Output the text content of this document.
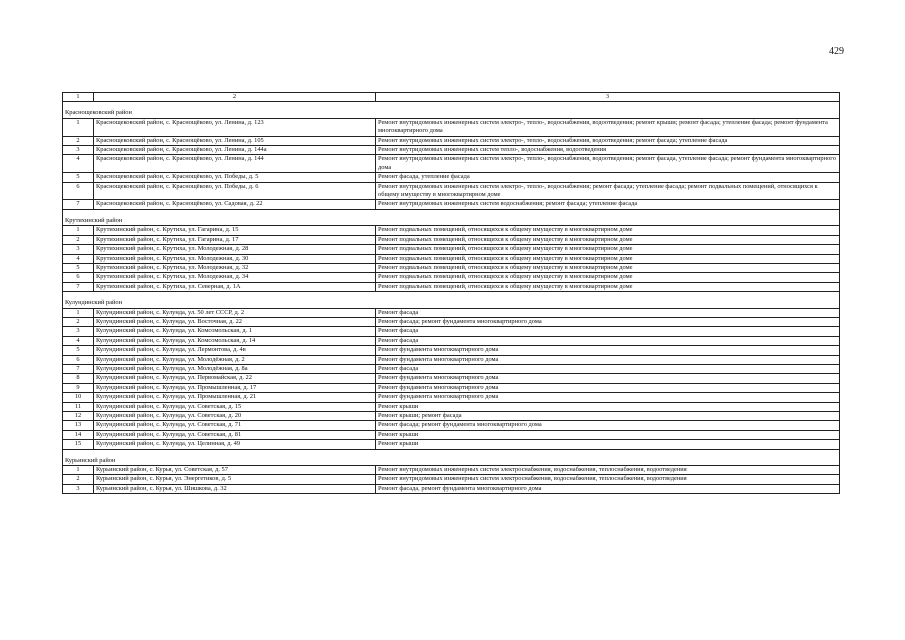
429
1	2	3

Краснощековский район		
1	Краснощековский район, с. Краснощёково, ул. Ленина, д. 123	Ремонт внутридомовых инженерных систем электро-, тепло-, водоснабжения, водоотведения; ремонт крыши; ремонт фасада; утепление фасада; ремонт фундамента многоквартирного дома
2	Краснощековский район, с. Краснощёково, ул. Ленина, д. 105	Ремонт внутридомовых инженерных систем электро-, тепло-, водоснабжения, водоотведения; ремонт фасада; утепление фасада
3	Краснощековский район, с. Краснощёково, ул. Ленина, д. 144а	Ремонт внутридомовых инженерных систем тепло-, водоснабжения, водоотведения
4	Краснощековский район, с. Краснощёково, ул. Ленина, д. 144	Ремонт внутридомовых инженерных систем электро-, тепло-, водоснабжения, водоотведения; ремонт фасада, утепление фасада; ремонт фундамента многоквартирного дома
5	Краснощековский район, с. Краснощёково, ул. Победы, д. 5	Ремонт фасада, утепление фасада
6	Краснощековский район, с. Краснощёково, ул. Победы, д. 6	Ремонт внутридомовых инженерных систем электро-, тепло-, водоснабжения; ремонт фасада; утепление фасада; ремонт подвальных помещений, относящихся к общему имуществу в многоквартирном доме
7	Краснощековский район, с. Краснощёково, ул. Садовая, д. 22	Ремонт внутридомовых инженерных систем водоснабжения; ремонт фасада; утепление фасада

Крутихинский район		
1	Крутихинский район, с. Крутиха, ул. Гагарина, д. 15	Ремонт подвальных помещений, относящихся к общему имуществу в многоквартирном доме
2	Крутихинский район, с. Крутиха, ул. Гагарина, д. 17	Ремонт подвальных помещений, относящихся к общему имуществу в многоквартирном доме
3	Крутихинский район, с. Крутиха, ул. Молодежная, д. 28	Ремонт подвальных помещений, относящихся к общему имуществу в многоквартирном доме
4	Крутихинский район, с. Крутиха, ул. Молодежная, д. 30	Ремонт подвальных помещений, относящихся к общему имуществу в многоквартирном доме
5	Крутихинский район, с. Крутиха, ул. Молодежная, д. 32	Ремонт подвальных помещений, относящихся к общему имуществу в многоквартирном доме
6	Крутихинский район, с. Крутиха, ул. Молодежная, д. 34	Ремонт подвальных помещений, относящихся к общему имуществу в многоквартирном доме
7	Крутихинский район, с. Крутиха, ул. Северная, д. 1А	Ремонт подвальных помещений, относящихся к общему имуществу в многоквартирном доме

Кулундинский район		
1	Кулундинский район, с. Кулунда, ул. 50 лет СССР, д. 2	Ремонт фасада
2	Кулундинский район, с. Кулунда, ул. Восточная, д. 22	Ремонт фасада; ремонт фундамента многоквартирного дома
3	Кулундинский район, с. Кулунда, ул. Комсомольская, д. 1	Ремонт фасада
4	Кулундинский район, с. Кулунда, ул. Комсомольская, д. 14	Ремонт фасада
5	Кулундинский район, с. Кулунда, ул. Лермонтова, д. 4в	Ремонт фундамента многоквартирного дома
6	Кулундинский район, с. Кулунда, ул. Молодёжная, д. 2	Ремонт фундамента многоквартирного дома
7	Кулундинский район, с. Кулунда, ул. Молодёжная, д. 8а	Ремонт фасада
8	Кулундинский район, с. Кулунда, ул. Первомайская, д. 22	Ремонт фундамента многоквартирного дома
9	Кулундинский район, с. Кулунда, ул. Промышленная, д. 17	Ремонт фундамента многоквартирного дома
10	Кулундинский район, с. Кулунда, ул. Промышленная, д. 21	Ремонт фундамента многоквартирного дома
11	Кулундинский район, с. Кулунда, ул. Советская, д. 15	Ремонт крыши
12	Кулундинский район, с. Кулунда, ул. Советская, д. 20	Ремонт крыши; ремонт фасада
13	Кулундинский район, с. Кулунда, ул. Советская, д. 71	Ремонт фасада; ремонт фундамента многоквартирного дома
14	Кулундинский район, с. Кулунда, ул. Советская, д. 81	Ремонт крыши
15	Кулундинский район, с. Кулунда, ул. Целинная, д. 49	Ремонт крыши

Курьинский район		
1	Курьинский район, с. Курья, ул. Советская, д. 57	Ремонт внутридомовых инженерных систем электроснабжения, водоснабжения, теплоснабжения, водоотведения
2	Курьинский район, с. Курья, ул. Энергетиков, д. 5	Ремонт внутридомовых инженерных систем электроснабжения, водоснабжения, теплоснабжения, водоотведения
3	Курьинский район, с. Курья, ул. Шишкова, д. 32	Ремонт фасада, ремонт фундамента многоквартирного дома
